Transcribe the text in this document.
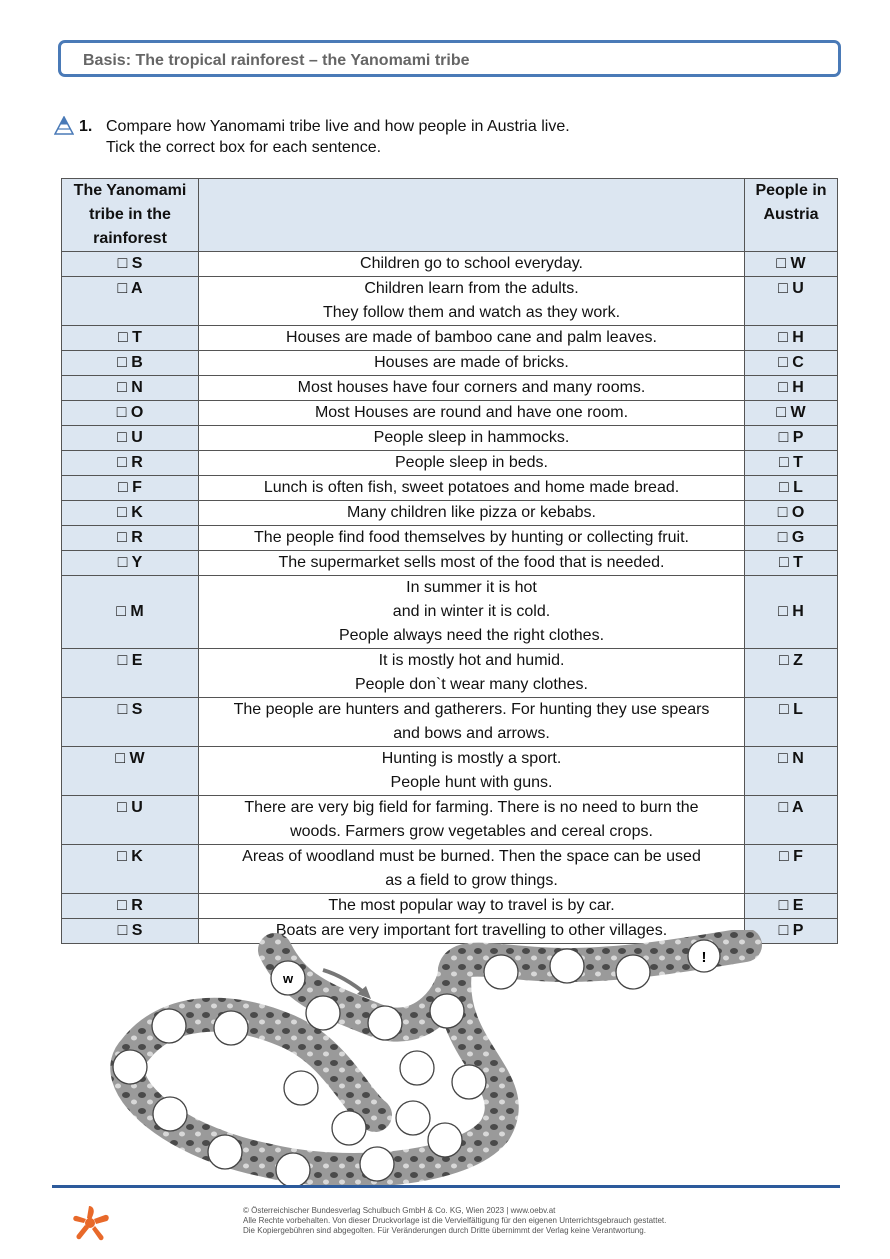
Basis: The tropical rainforest – the Yanomami tribe
1. Compare how Yanomami tribe live and how people in Austria live.
Tick the correct box for each sentence.
The Yanomami tribe in the rainforest		People in Austria
□ S	Children go to school everyday.	□ W
□ A	Children learn from the adults.
They follow them and watch as they work.	□ U
□ T	Houses are made of bamboo cane and palm leaves.	□ H
□ B	Houses are made of bricks.	□ C
□ N	Most houses have four corners and many rooms.	□ H
□ O	Most Houses are round and have one room.	□ W
□ U	People sleep in hammocks.	□ P
□ R	People sleep in beds.	□ T
□ F	Lunch is often fish, sweet potatoes and home made bread.	□ L
□ K	Many children like pizza or kebabs.	□ O
□ R	The people find food themselves by hunting or collecting fruit.	□ G
□ Y	The supermarket sells most of the food that is needed.	□ T
□ M	In summer it is hot
and in winter it is cold.
People always need the right clothes.	□ H
□ E	It is mostly hot and humid.
People don`t wear many clothes.	□ Z
□ S	The people are hunters and gatherers. For hunting they use spears
and bows and arrows.	□ L
□ W	Hunting is mostly a sport.
People hunt with guns.	□ N
□ U	There are very big field for farming. There is no need to burn the
woods. Farmers grow vegetables and cereal crops.	□ A
□ K	Areas of woodland must be burned. Then the space can be used
as a field to grow things.	□ F
□ R	The most popular way to travel is by car.	□ E
□ S	Boats are very important fort travelling to other villages.	□ P
w
!
© Österreichischer Bundesverlag Schulbuch GmbH & Co. KG, Wien 2023 | www.oebv.at
Alle Rechte vorbehalten. Von dieser Druckvorlage ist die Vervielfältigung für den eigenen Unterrichtsgebrauch gestattet.
Die Kopiergebühren sind abgegolten. Für Veränderungen durch Dritte übernimmt der Verlag keine Verantwortung.
